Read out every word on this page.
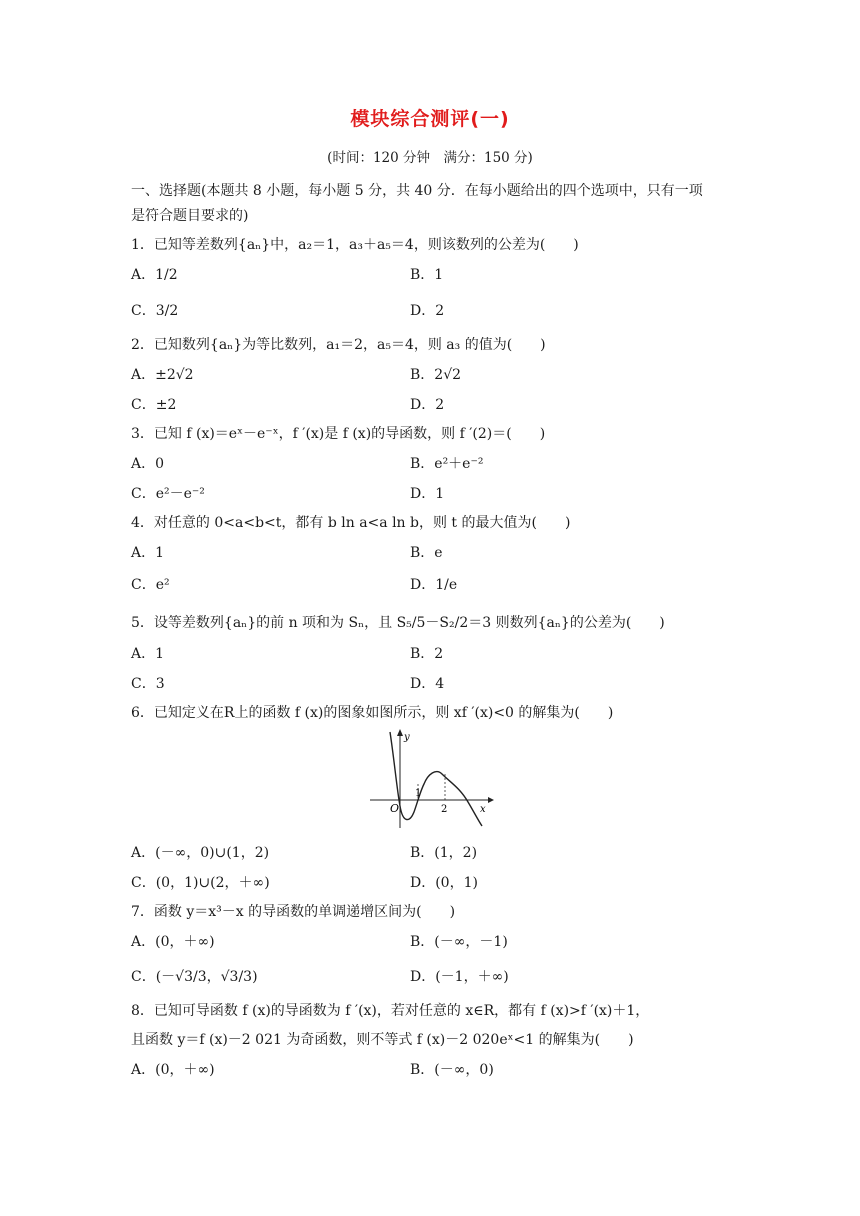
模块综合测评(一)
(时间：120 分钟　满分：150 分)
一、选择题(本题共 8 小题，每小题 5 分，共 40 分．在每小题给出的四个选项中，只有一项
是符合题目要求的)
1．已知等差数列{aₙ}中，a₂＝1，a₃＋a₅＝4，则该数列的公差为(　　)
A．1/2	B．1
C．3/2	D．2
2．已知数列{aₙ}为等比数列，a₁＝2，a₅＝4，则 a₃ 的值为(　　)
A．±2√2	B．2√2
C．±2	D．2
3．已知 f (x)＝eˣ－e⁻ˣ，f ′(x)是 f (x)的导函数，则 f ′(2)＝(　　)
A．0	B．e²＋e⁻²
C．e²－e⁻²	D．1
4．对任意的 0<a<b<t，都有 b ln a<a ln b，则 t 的最大值为(　　)
A．1	B．e
C．e²	D．1/e
5．设等差数列{aₙ}的前 n 项和为 Sₙ，且 S₅/5－S₂/2＝3 则数列{aₙ}的公差为(　　)
A．1	B．2
C．3	D．4
6．已知定义在R上的函数 f (x)的图象如图所示，则 xf ′(x)<0 的解集为(　　)
y
x
O
1
2
A．(－∞，0)∪(1，2)	B．(1，2)
C．(0，1)∪(2，＋∞)	D．(0，1)
7．函数 y＝x³－x 的导函数的单调递增区间为(　　)
A．(0，＋∞)	B．(－∞，－1)
C．(－√3/3，√3/3)	D．(－1，＋∞)
8．已知可导函数 f (x)的导函数为 f ′(x)，若对任意的 x∈R，都有 f (x)>f ′(x)＋1，
且函数 y＝f (x)－2 021 为奇函数，则不等式 f (x)－2 020eˣ<1 的解集为(　　)
A．(0，＋∞)	B．(－∞，0)
